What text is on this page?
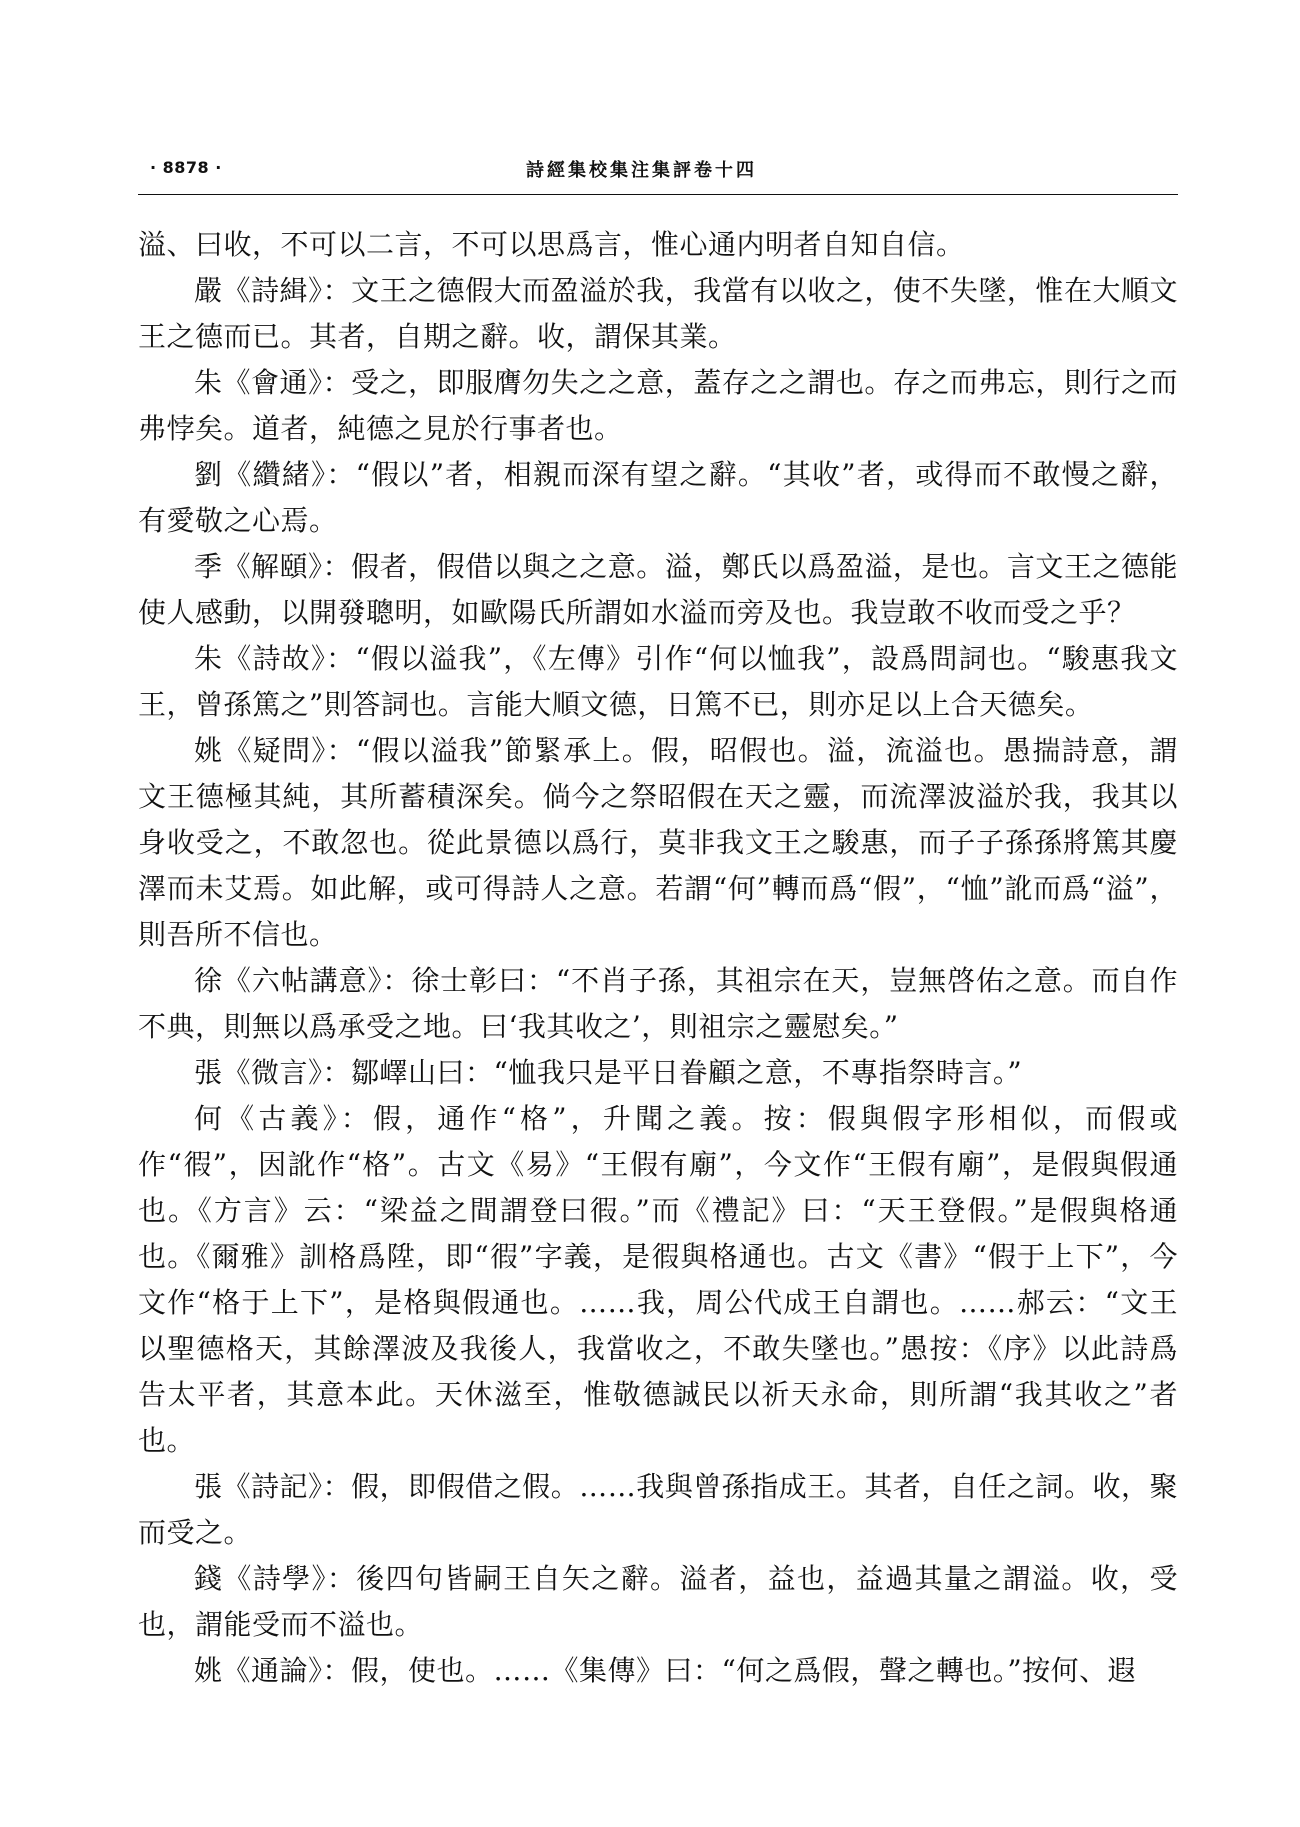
· 8878 ·	詩經集校集注集評卷十四

溢、曰收，不可以二言，不可以思爲言，惟心通内明者自知自信。

嚴《詩緝》：文王之德假大而盈溢於我，我當有以收之，使不失墜，惟在大順文王之德而已。其者，自期之辭。收，謂保其業。

朱《會通》：受之，即服膺勿失之之意，蓋存之之謂也。存之而弗忘，則行之而弗悖矣。道者，純德之見於行事者也。

劉《纘緒》：“假以”者，相親而深有望之辭。“其收”者，或得而不敢慢之辭，有愛敬之心焉。

季《解頤》：假者，假借以與之之意。溢，鄭氏以爲盈溢，是也。言文王之德能使人感動，以開發聰明，如歐陽氏所謂如水溢而旁及也。我豈敢不收而受之乎？

朱《詩故》：“假以溢我”，《左傳》引作“何以恤我”，設爲問詞也。“駿惠我文王，曾孫篤之”則答詞也。言能大順文德，日篤不已，則亦足以上合天德矣。

姚《疑問》：“假以溢我”節緊承上。假，昭假也。溢，流溢也。愚揣詩意，謂文王德極其純，其所蓄積深矣。倘今之祭昭假在天之靈，而流澤波溢於我，我其以身收受之，不敢忽也。從此景德以爲行，莫非我文王之駿惠，而子子孫孫將篤其慶澤而未艾焉。如此解，或可得詩人之意。若謂“何”轉而爲“假”，“恤”訛而爲“溢”，則吾所不信也。

徐《六帖講意》：徐士彰曰：“不肖子孫，其祖宗在天，豈無啓佑之意。而自作不典，則無以爲承受之地。曰‘我其收之’，則祖宗之靈慰矣。”

張《微言》：鄒嶧山曰：“恤我只是平日眷顧之意，不專指祭時言。”

何《古義》：假，通作“格”，升聞之義。按：假與假字形相似，而假或作“徦”，因訛作“格”。古文《易》“王假有廟”，今文作“王假有廟”，是假與假通也。《方言》云：“梁益之間謂登曰徦。”而《禮記》曰：“天王登假。”是假與格通也。《爾雅》訓格爲陞，即“徦”字義，是徦與格通也。古文《書》“假于上下”，今文作“格于上下”，是格與假通也。……我，周公代成王自謂也。……郝云：“文王以聖德格天，其餘澤波及我後人，我當收之，不敢失墜也。”愚按：《序》以此詩爲告太平者，其意本此。天休滋至，惟敬德誠民以祈天永命，則所謂“我其收之”者也。

張《詩記》：假，即假借之假。……我與曾孫指成王。其者，自任之詞。收，聚而受之。

錢《詩學》：後四句皆嗣王自矢之辭。溢者，益也，益過其量之謂溢。收，受也，謂能受而不溢也。

姚《通論》：假，使也。……《集傳》曰：“何之爲假，聲之轉也。”按何、遐
